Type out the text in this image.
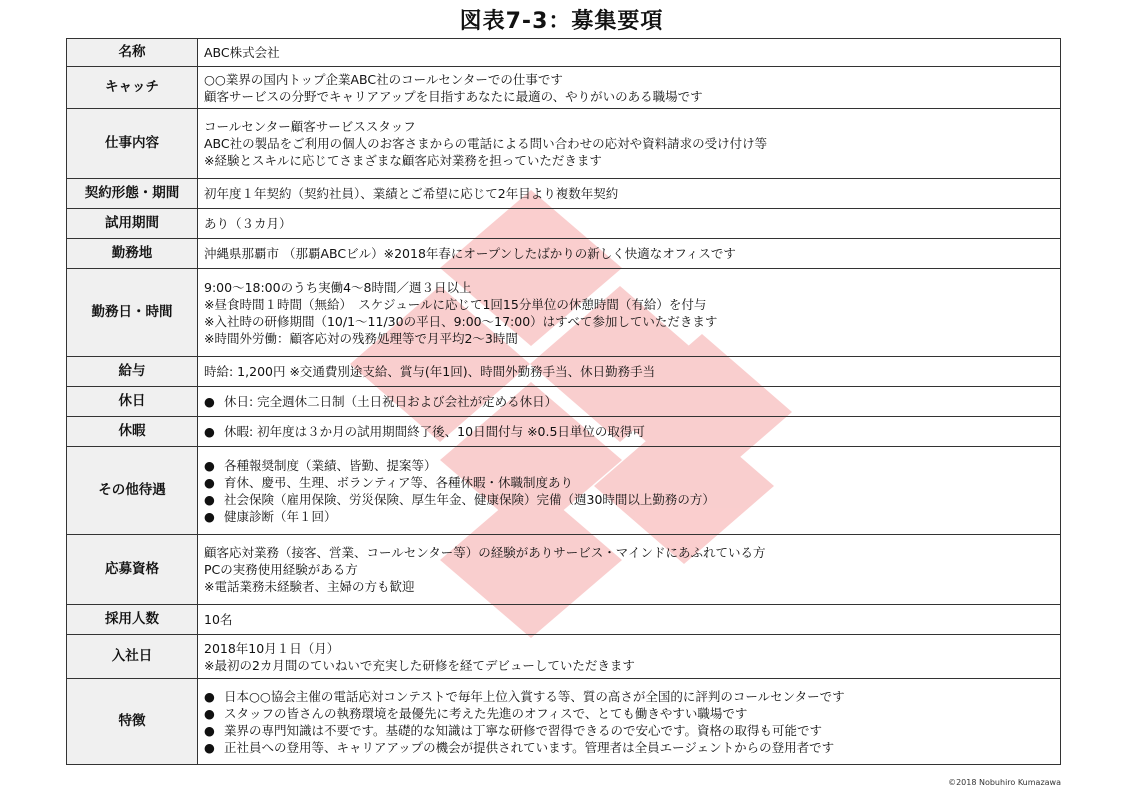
図表7-3：募集要項
名称	ABC株式会社

キャッチ	○○業界の国内トップ企業ABC社のコールセンターでの仕事です
顧客サービスの分野でキャリアアップを目指すあなたに最適の、やりがいのある職場です

仕事内容	コールセンター顧客サービススタッフ
ABC社の製品をご利用の個人のお客さまからの電話による問い合わせの応対や資料請求の受け付け等
※経験とスキルに応じてさまざまな顧客応対業務を担っていただきます

契約形態・期間	初年度１年契約（契約社員）、業績とご希望に応じて2年目より複数年契約

試用期間	あり（３カ月）

勤務地	沖縄県那覇市 （那覇ABCビル）※2018年春にオープンしたばかりの新しく快適なオフィスです

勤務日・時間	9:00～18:00のうち実働4～8時間／週３日以上
※昼食時間１時間（無給）　スケジュールに応じて1回15分単位の休憩時間（有給）を付与
※入社時の研修期間（10/1～11/30の平日、9:00～17:00）はすべて参加していただきます
※時間外労働：顧客応対の残務処理等で月平均2～3時間

給与	時給: 1,200円 ※交通費別途支給、賞与(年1回)、時間外勤務手当、休日勤務手当

休日	● 休日: 完全週休二日制（土日祝日および会社が定める休日）

休暇	● 休暇: 初年度は３か月の試用期間終了後、10日間付与 ※0.5日単位の取得可

その他待遇	● 各種報奨制度（業績、皆勤、提案等）
● 育休、慶弔、生理、ボランティア等、各種休暇・休職制度あり
● 社会保険（雇用保険、労災保険、厚生年金、健康保険）完備（週30時間以上勤務の方）
● 健康診断（年１回）

応募資格	顧客応対業務（接客、営業、コールセンター等）の経験がありサービス・マインドにあふれている方
PCの実務使用経験がある方
※電話業務未経験者、主婦の方も歓迎

採用人数	10名

入社日	2018年10月１日（月）
※最初の2カ月間のていねいで充実した研修を経てデビューしていただきます

特徴	● 日本○○協会主催の電話応対コンテストで毎年上位入賞する等、質の高さが全国的に評判のコールセンターです
● スタッフの皆さんの執務環境を最優先に考えた先進のオフィスで、とても働きやすい職場です
● 業界の専門知識は不要です。基礎的な知識は丁寧な研修で習得できるので安心です。資格の取得も可能です
● 正社員への登用等、キャリアアップの機会が提供されています。管理者は全員エージェントからの登用者です
©2018 Nobuhiro Kumazawa
